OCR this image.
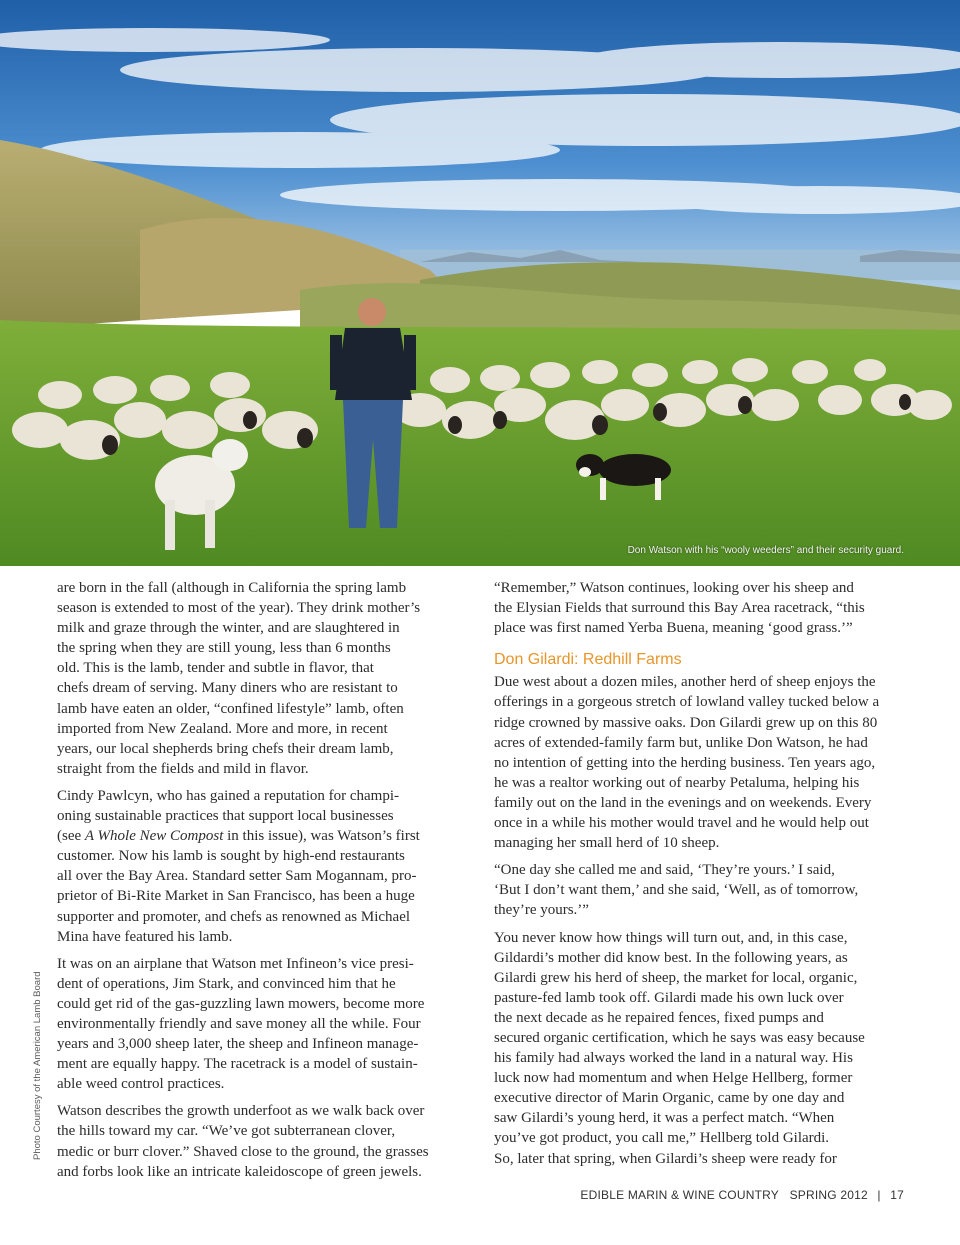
Don Watson with his “wooly weeders” and their security guard.
Photo Courtesy of the American Lamb Board

are born in the fall (although in California the spring lamb
season is extended to most of the year). They drink mother’s
milk and graze through the winter, and are slaughtered in
the spring when they are still young, less than 6 months
old. This is the lamb, tender and subtle in flavor, that
chefs dream of serving. Many diners who are resistant to
lamb have eaten an older, “confined lifestyle” lamb, often
imported from New Zealand. More and more, in recent
years, our local shepherds bring chefs their dream lamb,
straight from the fields and mild in flavor.

Cindy Pawlcyn, who has gained a reputation for champi-
oning sustainable practices that support local businesses
(see A Whole New Compost in this issue), was Watson’s first
customer. Now his lamb is sought by high-end restaurants
all over the Bay Area. Standard setter Sam Mogannam, pro-
prietor of Bi-Rite Market in San Francisco, has been a huge
supporter and promoter, and chefs as renowned as Michael
Mina have featured his lamb.

It was on an airplane that Watson met Infineon’s vice presi-
dent of operations, Jim Stark, and convinced him that he
could get rid of the gas-guzzling lawn mowers, become more
environmentally friendly and save money all the while. Four
years and 3,000 sheep later, the sheep and Infineon manage-
ment are equally happy. The racetrack is a model of sustain-
able weed control practices.

Watson describes the growth underfoot as we walk back over
the hills toward my car. “We’ve got subterranean clover,
medic or burr clover.” Shaved close to the ground, the grasses
and forbs look like an intricate kaleidoscope of green jewels.

“Remember,” Watson continues, looking over his sheep and
the Elysian Fields that surround this Bay Area racetrack, “this
place was first named Yerba Buena, meaning ‘good grass.’”

Don Gilardi: Redhill Farms

Due west about a dozen miles, another herd of sheep enjoys the
offerings in a gorgeous stretch of lowland valley tucked below a
ridge crowned by massive oaks. Don Gilardi grew up on this 80
acres of extended-family farm but, unlike Don Watson, he had
no intention of getting into the herding business. Ten years ago,
he was a realtor working out of nearby Petaluma, helping his
family out on the land in the evenings and on weekends. Every
once in a while his mother would travel and he would help out
managing her small herd of 10 sheep.

“One day she called me and said, ‘They’re yours.’ I said,
‘But I don’t want them,’ and she said, ‘Well, as of tomorrow,
they’re yours.’”

You never know how things will turn out, and, in this case,
Gildardi’s mother did know best. In the following years, as
Gilardi grew his herd of sheep, the market for local, organic,
pasture-fed lamb took off. Gilardi made his own luck over
the next decade as he repaired fences, fixed pumps and
secured organic certification, which he says was easy because
his family had always worked the land in a natural way. His
luck now had momentum and when Helge Hellberg, former
executive director of Marin Organic, came by one day and
saw Gilardi’s young herd, it was a perfect match. “When
you’ve got product, you call me,” Hellberg told Gilardi.
So, later that spring, when Gilardi’s sheep were ready for

EDIBLE MARIN & WINE COUNTRY SPRING 2012 | 17
